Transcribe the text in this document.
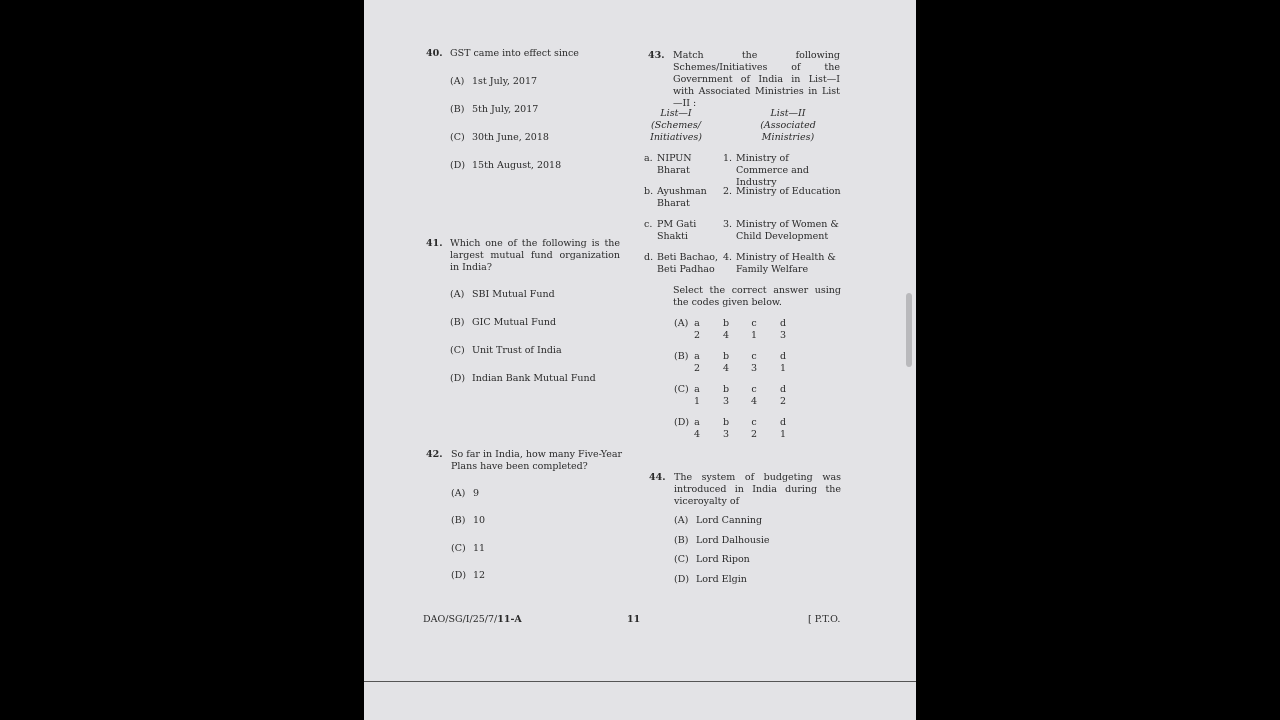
40. GST came into effect since
(A) 1st July, 2017
(B) 5th July, 2017
(C) 30th June, 2018
(D) 15th August, 2018
41. Which one of the following is the largest mutual fund organization in India?
(A) SBI Mutual Fund
(B) GIC Mutual Fund
(C) Unit Trust of India
(D) Indian Bank Mutual Fund
42. So far in India, how many Five-Year Plans have been completed?
(A) 9
(B) 10
(C) 11
(D) 12
43. Match the following Schemes/Initiatives of the Government of India in List—I with Associated Ministries in List—II :
List—I
(Schemes/ Initiatives)
List—II
(Associated Ministries)
a. NIPUN Bharat
1. Ministry of Commerce and Industry
b. Ayushman Bharat
2. Ministry of Education
c. PM Gati Shakti
3. Ministry of Women & Child Development
d. Beti Bachao, Beti Padhao
4. Ministry of Health & Family Welfare
Select the correct answer using the codes given below.
(A) a	b	c	d
2	4	1	3
(B) a	b	c	d
2	4	3	1
(C) a	b	c	d
1	3	4	2
(D) a	b	c	d
4	3	2	1
44. The system of budgeting was introduced in India during the viceroyalty of
(A) Lord Canning
(B) Lord Dalhousie
(C) Lord Ripon
(D) Lord Elgin
DAO/SG/I/25/7/11-A	11	[ P.T.O.
